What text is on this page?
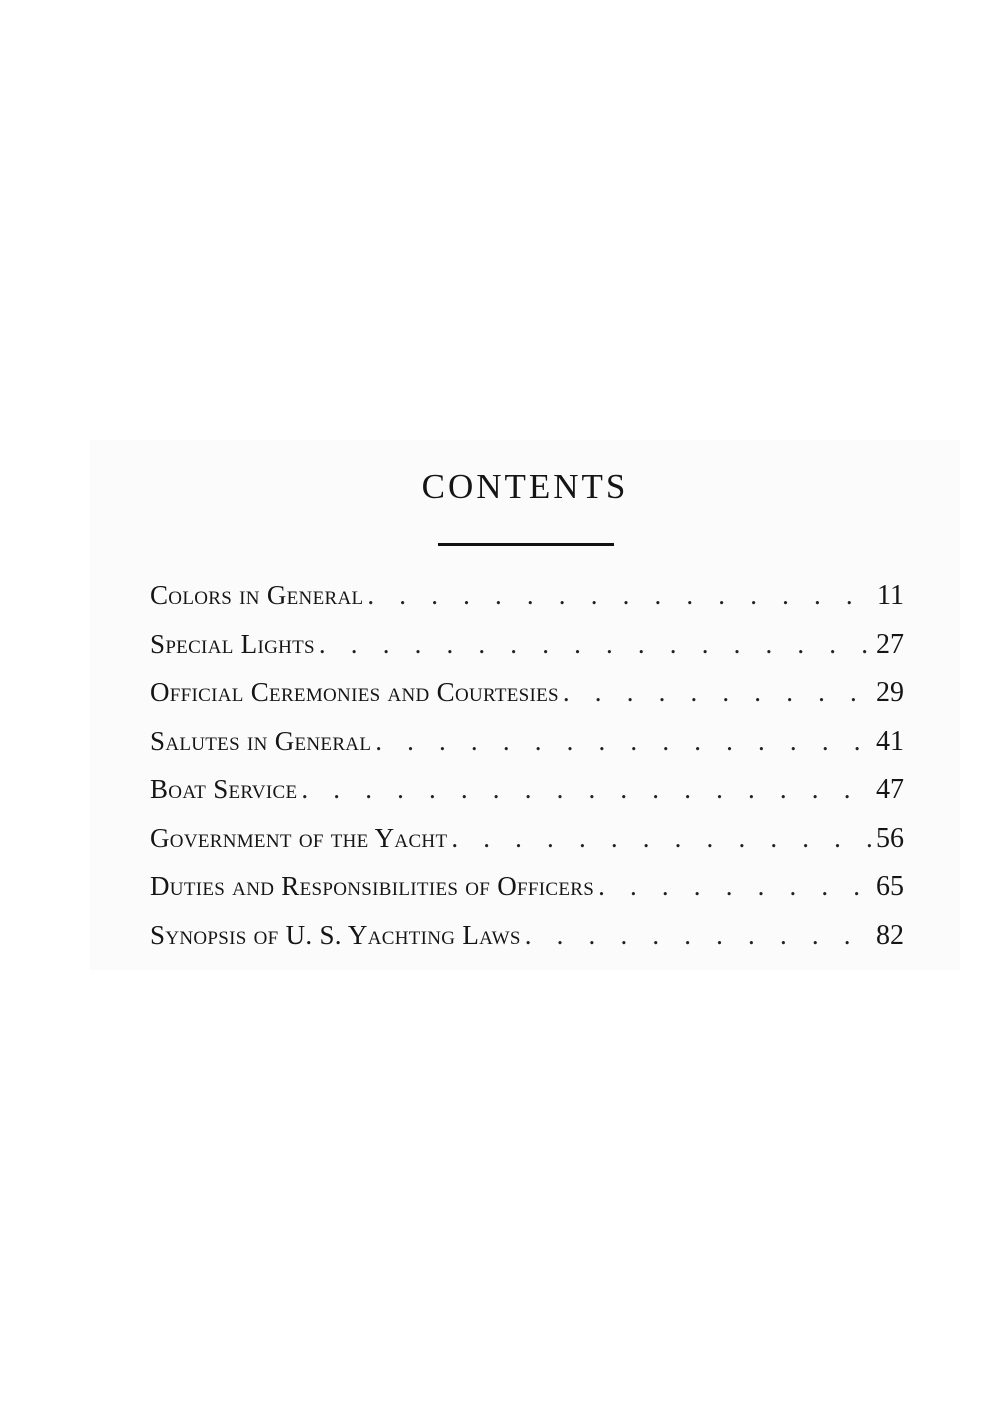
CONTENTS
Colors in General . . .	11
Special Lights . . .	27
Official Ceremonies and Courtesies . . .	29
Salutes in General . . .	41
Boat Service . . .	47
Government of the Yacht . . .	56
Duties and Responsibilities of Officers . . .	65
Synopsis of U. S. Yachting Laws . . .	82
